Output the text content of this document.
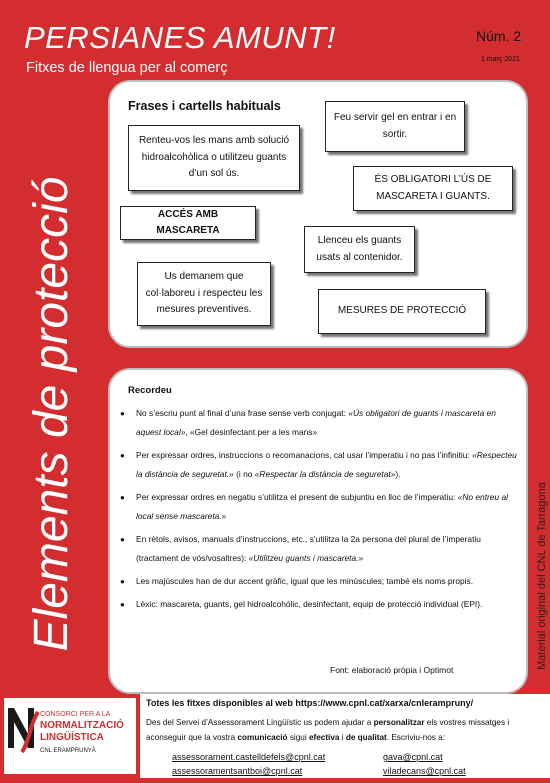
PERSIANES AMUNT!
Fitxes de llengua per al comerç
Núm. 2
1 març 2021
Elements de protecció	Material original del CNL de Tarragona
Frases i cartells habituals
Renteu-vos les mans amb solució hidroalcohòlica o utilitzeu guants d’un sol ús.
ACCÉS AMB MASCARETA
Us demanem que col·laboreu i respecteu les mesures preventives.
Feu servir gel en entrar i en sortir.
ÉS OBLIGATORI L’ÚS DE MASCARETA I GUANTS.
Llenceu els guants usats al contenidor.
MESURES DE PROTECCIÓ
Recordeu
● No s’escriu punt al final d’una frase sense verb conjugat: «Ús obligatori de guants i mascareta en aquest local», «Gel desinfectant per a les mans»
● Per expressar ordres, instruccions o recomanacions, cal usar l’imperatiu i no pas l’infinitiu: «Respecteu la distància de seguretat.» (i no «Respectar la distància de seguretat»).
● Per expressar ordres en negatiu s’utilitza el present de subjuntiu en lloc de l’imperatiu: «No entreu al local sense mascareta.»
● En rètols, avisos, manuals d’instruccions, etc., s’utilitza la 2a persona del plural de l’imperatiu (tractament de vós/vosaltres): «Utilitzeu guants i mascareta.»
● Les majúscules han de dur accent gràfic, igual que les minúscules; també els noms propis.
● Lèxic: mascareta, guants, gel hidroalcohòlic, desinfectant, equip de protecció individual (EPI).
Font: elaboració pròpia i Optimot
CONSORCI PER A LA
NORMALITZACIÓ
LINGÜÍSTICA
CNL ERAMPRUNYÀ
Totes les fitxes disponibles al web https://www.cpnl.cat/xarxa/cnlerampruny/
Des del Servei d’Assessorament Lingüístic us podem ajudar a personalitzar els vostres missatges i aconseguir que la vostra comunicació sigui efectiva i de qualitat. Escriviu-nos a:
assessorament.castelldefels@cpnl.cat	gava@cpnl.cat
assessoramentsantboi@cpnl.cat	viladecans@cpnl.cat
